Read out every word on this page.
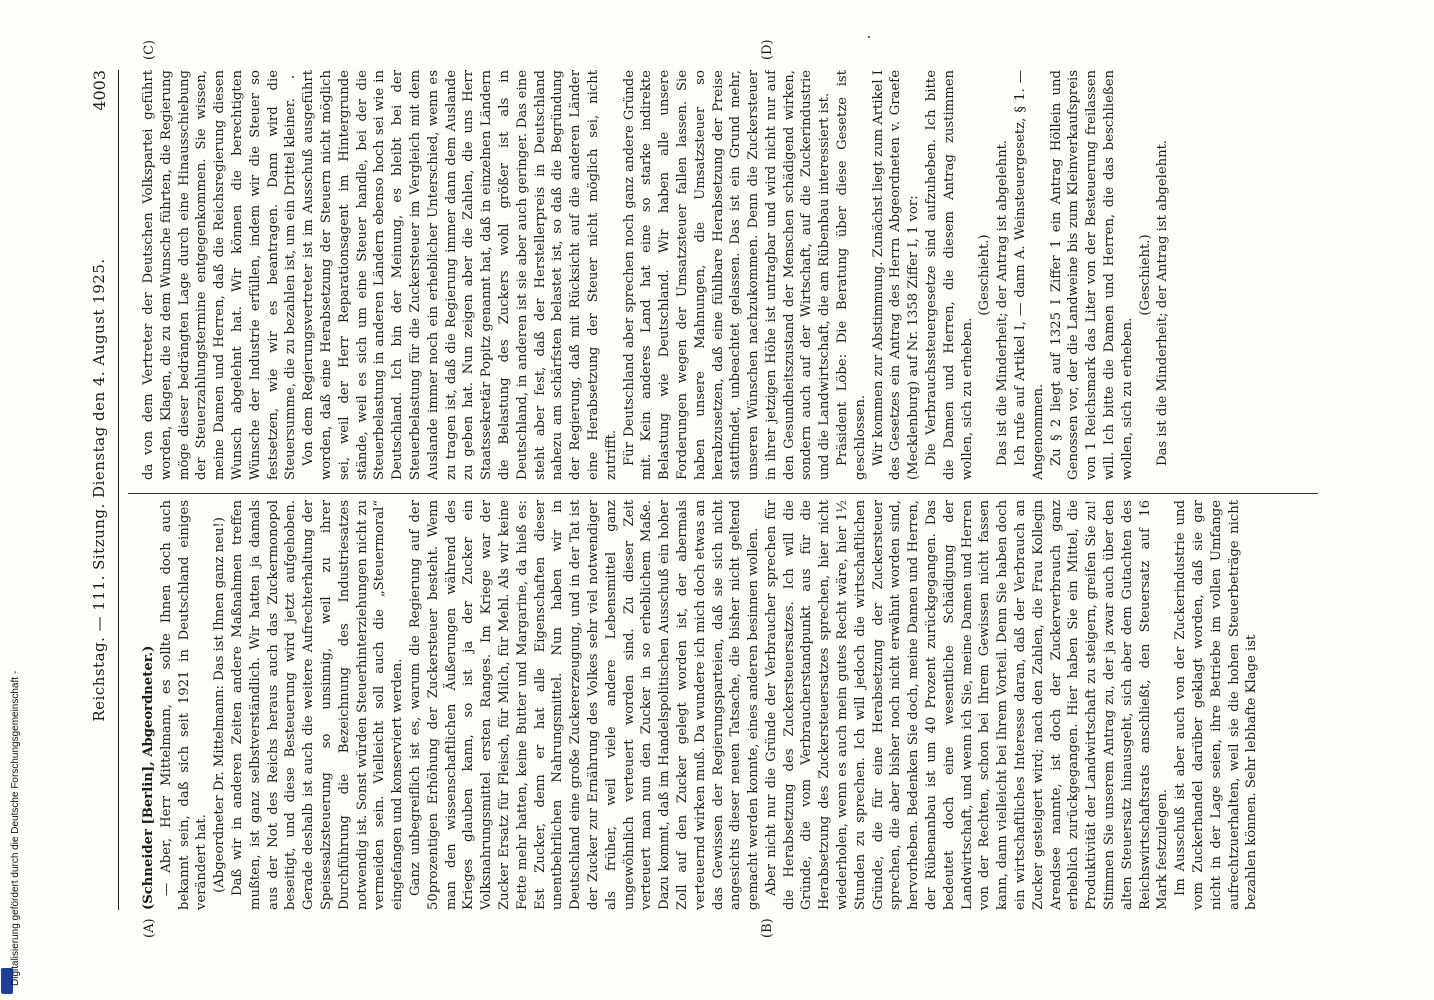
Reichstag. — 111. Sitzung. Dienstag den 4. August 1925.
4003
(A)	(B)
(C)	(D)

(Schneider [Berlin], Abgeordneter.) — Aber, Herr Mittelmann, es sollte Ihnen doch auch bekannt sein, daß sich seit 1921 in Deutschland einiges verändert hat. (Abgeordneter Dr. Mittelmann: Das ist Ihnen ganz neu!) Daß wir in anderen Zeiten andere Maßnahmen treffen mußten, ist ganz selbstverständlich. Wir hatten ja damals aus der Not des Reichs heraus auch das Zuckermonopol beseitigt, und diese Besteuerung wird jetzt aufgehoben. Gerade deshalb ist auch die weitere Aufrechterhaltung der Speisesalzsteuerung so unsinnig, weil zu ihrer Durchführung die Bezeichnung des Industriesatzes notwendig ist. Sonst würden Steuerhinterziehungen nicht zu vermeiden sein. Vielleicht soll auch die „Steuermoral“ eingefangen und konserviert werden. Ganz unbegreiflich ist es, warum die Regierung auf der 50prozentigen Erhöhung der Zuckersteuer besteht. Wenn man den wissenschaftlichen Äußerungen während des Krieges glauben kann, so ist ja der Zucker ein Volksnahrungsmittel ersten Ranges. Im Kriege war der Zucker Ersatz für Fleisch, für Milch, für Mehl. Als wir keine Fette mehr hatten, keine Butter und Margarine, da hieß es: Est Zucker, denn er hat alle Eigenschaften dieser unentbehrlichen Nahrungsmittel. Nun haben wir in Deutschland eine große Zuckererzeugung, und in der Tat ist der Zucker zur Ernährung des Volkes sehr viel notwendiger als früher, weil viele andere Lebensmittel ganz ungewöhnlich verteuert worden sind. Zu dieser Zeit verteuert man nun den Zucker in so erheblichem Maße. Dazu kommt, daß im Handelspolitischen Ausschuß ein hoher Zoll auf den Zucker gelegt worden ist, der abermals verteuernd wirken muß. Da wundere ich mich doch etwas an das Gewissen der Regierungsparteien, daß sie sich nicht angesichts dieser neuen Tatsache, die bisher nicht geltend gemacht werden konnte, eines anderen besinnen wollen. Aber nicht nur die Gründe der Verbraucher sprechen für die Herabsetzung des Zuckersteuersatzes. Ich will die Gründe, die vom Verbraucherstandpunkt aus für die Herabsetzung des Zuckersteuersatzes sprechen, hier nicht wiederholen, wenn es auch mein gutes Recht wäre, hier 1½ Stunden zu sprechen. Ich will jedoch die wirtschaftlichen Gründe, die für eine Herabsetzung der Zuckersteuer sprechen, die aber bisher noch nicht erwähnt worden sind, hervorheben. Bedenken Sie doch, meine Damen und Herren, der Rübenanbau ist um 40 Prozent zurückgegangen. Das bedeutet doch eine wesentliche Schädigung der Landwirtschaft, und wenn ich Sie, meine Damen und Herren von der Rechten, schon bei Ihrem Gewissen nicht fassen kann, dann vielleicht bei Ihrem Vorteil. Denn Sie haben doch ein wirtschaftliches Interesse daran, daß der Verbrauch an Zucker gesteigert wird; nach den Zahlen, die Frau Kollegin Arendsee nannte, ist doch der Zuckerverbrauch ganz erheblich zurückgegangen. Hier haben Sie ein Mittel, die Produktivität der Landwirtschaft zu steigern, greifen Sie zu! Stimmen Sie unserem Antrag zu, der ja zwar auch über den alten Steuersatz hinausgeht, sich aber dem Gutachten des Reichswirtschaftsrats anschließt, den Steuersatz auf 16 Mark festzulegen. Im Ausschuß ist aber auch von der Zuckerindustrie und vom Zuckerhandel darüber geklagt worden, daß sie gar nicht in der Lage seien, ihre Betriebe im vollen Umfange aufrechtzuerhalten, weil sie die hohen Steuerbeträge nicht bezahlen können. Sehr lebhafte Klage ist

da von dem Vertreter der Deutschen Volkspartei geführt worden, Klagen, die zu dem Wunsche führten, die Regierung möge dieser bedrängten Lage durch eine Hinausschiebung der Steuerzahlungstermine entgegenkommen. Sie wissen, meine Damen und Herren, daß die Reichsregierung diesen Wunsch abgelehnt hat. Wir können die berechtigten Wünsche der Industrie erfüllen, indem wir die Steuer so festsetzen, wie wir es beantragen. Dann wird die Steuersumme, die zu bezahlen ist, um ein Drittel kleiner. Von dem Regierungsvertreter ist im Ausschuß ausgeführt worden, daß eine Herabsetzung der Steuern nicht möglich sei, weil der Herr Reparationsagent im Hintergrunde stände, weil es sich um eine Steuer handle, bei der die Steuerbelastung in anderen Ländern ebenso hoch sei wie in Deutschland. Ich bin der Meinung, es bleibt bei der Steuerbelastung für die Zuckersteuer im Vergleich mit dem Auslande immer noch ein erheblicher Unterschied, wenn es zu tragen ist, daß die Regierung immer dann dem Auslande zu geben hat. Nun zeigen aber die Zahlen, die uns Herr Staatssekretär Popitz genannt hat, daß in einzelnen Ländern die Belastung des Zuckers wohl größer ist als in Deutschland, in anderen ist sie aber auch geringer. Das eine steht aber fest, daß der Herstellerpreis in Deutschland nahezu am schärfsten belastet ist, so daß die Begründung der Regierung, daß mit Rücksicht auf die anderen Länder eine Herabsetzung der Steuer nicht möglich sei, nicht zutrifft. Für Deutschland aber sprechen noch ganz andere Gründe mit. Kein anderes Land hat eine so starke indirekte Belastung wie Deutschland. Wir haben alle unsere Forderungen wegen der Umsatzsteuer fallen lassen. Sie haben unsere Mahnungen, die Umsatzsteuer so herabzusetzen, daß eine fühlbare Herabsetzung der Preise stattfindet, unbeachtet gelassen. Das ist ein Grund mehr, unseren Wünschen nachzukommen. Denn die Zuckersteuer in ihrer jetzigen Höhe ist untragbar und wird nicht nur auf den Gesundheitszustand der Menschen schädigend wirken, sondern auch auf der Wirtschaft, auf die Zuckerindustrie und die Landwirtschaft, die am Rübenbau interessiert ist. Präsident Löbe: Die Beratung über diese Gesetze ist geschlossen. Wir kommen zur Abstimmung. Zunächst liegt zum Artikel I des Gesetzes ein Antrag des Herrn Abgeordneten v. Graefe (Mecklenburg) auf Nr. 1358 Ziffer I, 1 vor: Die Verbrauchssteuergesetze sind aufzuheben. Ich bitte die Damen und Herren, die diesem Antrag zustimmen wollen, sich zu erheben.

(Geschieht.) Das ist die Minderheit; der Antrag ist abgelehnt. Ich rufe auf Artikel I, — dann A. Weinsteuergesetz, § 1. — Angenommen. Zu § 2 liegt auf 1325 I Ziffer 1 ein Antrag Höllein und Genossen vor, der die Landweine bis zum Kleinverkaufspreis von 1 Reichsmark das Liter von der Besteuerung freilassen will. Ich bitte die Damen und Herren, die das beschließen wollen, sich zu erheben.

(Geschieht.) Das ist die Minderheit; der Antrag ist abgelehnt.

Digitalisierung gefördert durch die Deutsche Forschungsgemeinschaft -
